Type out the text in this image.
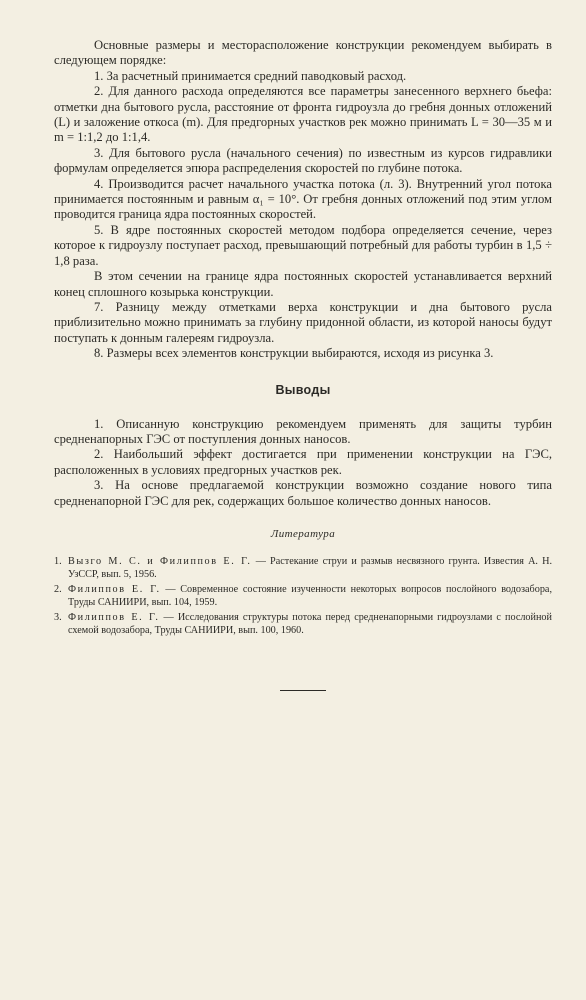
Основные размеры и месторасположение конструкции рекомендуем выбирать в следующем порядке:

1. За расчетный принимается средний паводковый расход.

2. Для данного расхода определяются все параметры занесенного верхнего бьефа: отметки дна бытового русла, расстояние от фронта гидроузла до гребня донных отложений (L) и заложение откоса (m). Для предгорных участков рек можно принимать L = 30—35 м и m = 1:1,2 до 1:1,4.

3. Для бытового русла (начального сечения) по известным из курсов гидравлики формулам определяется эпюра распределения скоростей по глубине потока.

4. Производится расчет начального участка потока (л. 3). Внутренний угол потока принимается постоянным и равным α₁ = 10°. От гребня донных отложений под этим углом проводится граница ядра постоянных скоростей.

5. В ядре постоянных скоростей методом подбора определяется сечение, через которое к гидроузлу поступает расход, превышающий потребный для работы турбин в 1,5 ÷ 1,8 раза.

В этом сечении на границе ядра постоянных скоростей устанавливается верхний конец сплошного козырька конструкции.

7. Разницу между отметками верха конструкции и дна бытового русла приблизительно можно принимать за глубину придонной области, из которой наносы будут поступать к донным галереям гидроузла.

8. Размеры всех элементов конструкции выбираются, исходя из рисунка 3.

Выводы

1. Описанную конструкцию рекомендуем применять для защиты турбин средненапорных ГЭС от поступления донных наносов.

2. Наибольший эффект достигается при применении конструкции на ГЭС, расположенных в условиях предгорных участков рек.

3. На основе предлагаемой конструкции возможно создание нового типа средненапорной ГЭС для рек, содержащих большое количество донных наносов.

Литература
1. Вызго М. С. и Филиппов Е. Г. — Растекание струи и размыв несвязного грунта. Известия А. Н. УзССР, вып. 5, 1956.
2. Филиппов Е. Г. — Современное состояние изученности некоторых вопросов послойного водозабора, Труды САНИИРИ, вып. 104, 1959.
3. Филиппов Е. Г. — Исследования структуры потока перед средненапорными гидроузлами с послойной схемой водозабора, Труды САНИИРИ, вып. 100, 1960.
